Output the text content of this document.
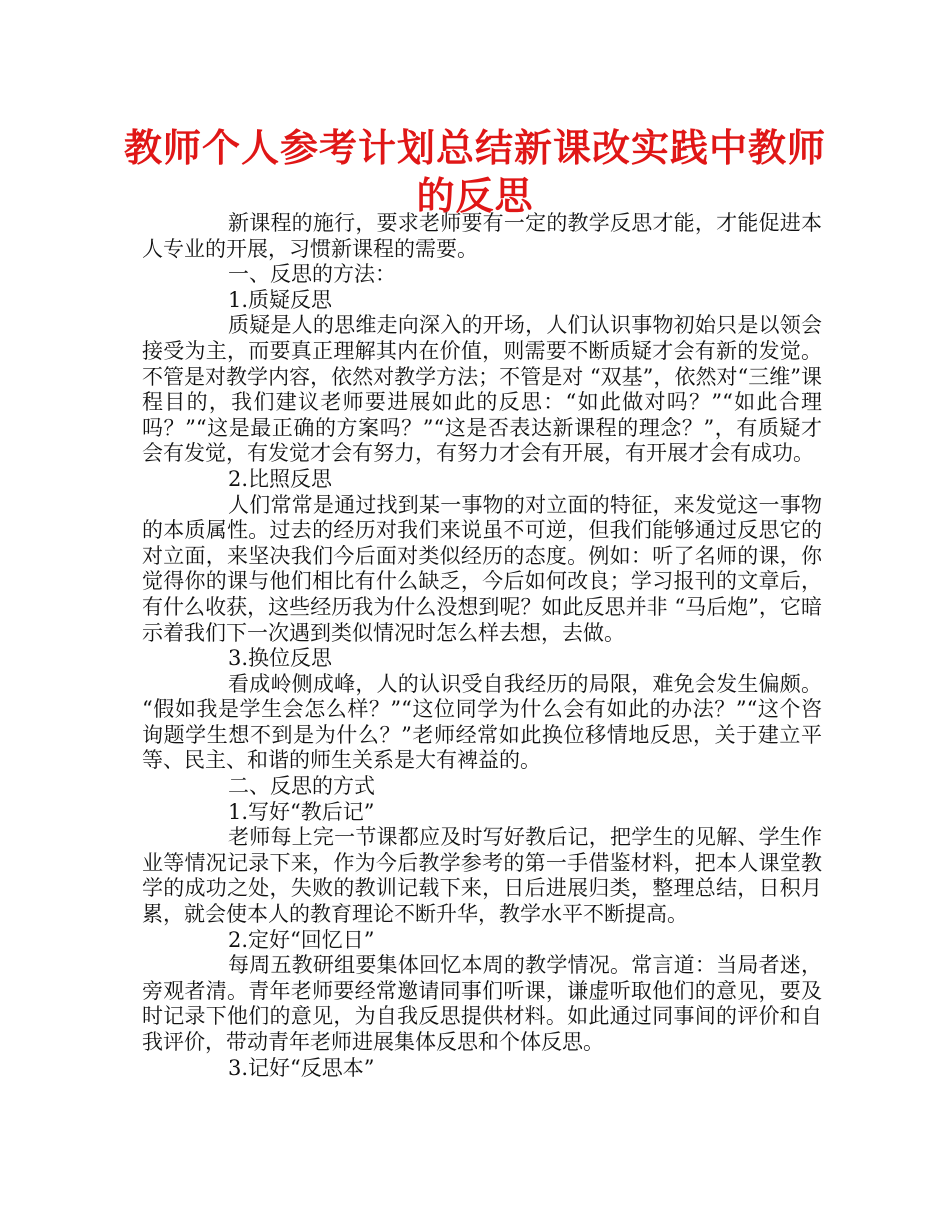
教师个人参考计划总结新课改实践中教师
的反思

新课程的施行，要求老师要有一定的教学反思才能，才能促进本人专业的开展，习惯新课程的需要。

一、反思的方法：

1.质疑反思

质疑是人的思维走向深入的开场，人们认识事物初始只是以领会接受为主，而要真正理解其内在价值，则需要不断质疑才会有新的发觉。不管是对教学内容，依然对教学方法；不管是对 “双基”，依然对“三维”课程目的，我们建议老师要进展如此的反思：“如此做对吗？”“如此合理吗？”“这是最正确的方案吗？”“这是否表达新课程的理念？”，有质疑才会有发觉，有发觉才会有努力，有努力才会有开展，有开展才会有成功。

2.比照反思

人们常常是通过找到某一事物的对立面的特征，来发觉这一事物的本质属性。过去的经历对我们来说虽不可逆，但我们能够通过反思它的对立面，来坚决我们今后面对类似经历的态度。例如：听了名师的课，你觉得你的课与他们相比有什么缺乏，今后如何改良；学习报刊的文章后，有什么收获，这些经历我为什么没想到呢？如此反思并非 “马后炮”，它暗示着我们下一次遇到类似情况时怎么样去想，去做。

3.换位反思

看成岭侧成峰，人的认识受自我经历的局限，难免会发生偏颇。 “假如我是学生会怎么样？”“这位同学为什么会有如此的办法？”“这个咨询题学生想不到是为什么？”老师经常如此换位移情地反思，关于建立平等、民主、和谐的师生关系是大有裨益的。

二、反思的方式

1.写好“教后记”

老师每上完一节课都应及时写好教后记，把学生的见解、学生作业等情况记录下来，作为今后教学参考的第一手借鉴材料，把本人课堂教学的成功之处，失败的教训记载下来，日后进展归类，整理总结，日积月累，就会使本人的教育理论不断升华，教学水平不断提高。

2.定好“回忆日”

每周五教研组要集体回忆本周的教学情况。常言道：当局者迷，旁观者清。青年老师要经常邀请同事们听课，谦虚听取他们的意见，要及时记录下他们的意见，为自我反思提供材料。如此通过同事间的评价和自我评价，带动青年老师进展集体反思和个体反思。

3.记好“反思本”
